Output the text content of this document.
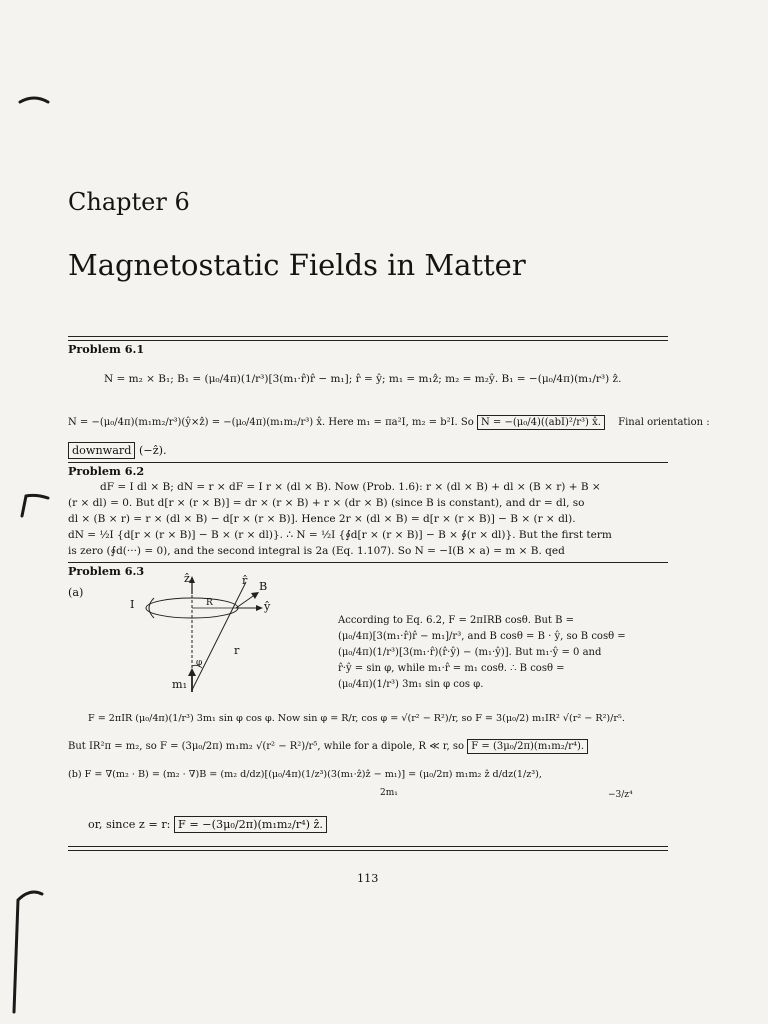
Chapter 6
Magnetostatic Fields in Matter
Problem 6.1
N = m₂ × B₁; B₁ = (μ₀/4π)(1/r³)[3(m₁·r̂)r̂ − m₁]; r̂ = ŷ; m₁ = m₁ẑ; m₂ = m₂ŷ. B₁ = −(μ₀/4π)(m₁/r³) ẑ.
N = −(μ₀/4π)(m₁m₂/r³)(ŷ×ẑ) = −(μ₀/4π)(m₁m₂/r³) x̂. Here m₁ = πa²I, m₂ = b²I. So N = −(μ₀/4)((abI)²/r³) x̂. Final orientation :
downward (−ẑ).
Problem 6.2
dF = I dl × B; dN = r × dF = I r × (dl × B). Now (Prob. 1.6): r × (dl × B) + dl × (B × r) + B ×
(r × dl) = 0. But d[r × (r × B)] = dr × (r × B) + r × (dr × B) (since B is constant), and dr = dl, so
dl × (B × r) = r × (dl × B) − d[r × (r × B)]. Hence 2r × (dl × B) = d[r × (r × B)] − B × (r × dl).
dN = ½I {d[r × (r × B)] − B × (r × dl)}. ∴ N = ½I {∮d[r × (r × B)] − B × ∮(r × dl)}. But the first term
is zero (∮d(···) = 0), and the second integral is 2a (Eq. 1.107). So N = −I(B × a) = m × B. qed
Problem 6.3
(a)
ẑ	r̂ B
ŷ
I	R
φ
r
m₁
According to Eq. 6.2, F = 2πIRB cosθ. But B =
(μ₀/4π)[3(m₁·r̂)r̂ − m₁]/r³, and B cosθ = B · ŷ, so B cosθ =
(μ₀/4π)(1/r³)[3(m₁·r̂)(r̂·ŷ) − (m₁·ŷ)]. But m₁·ŷ = 0 and
r̂·ŷ = sin φ, while m₁·r̂ = m₁ cosθ. ∴ B cosθ =
(μ₀/4π)(1/r³) 3m₁ sin φ cos φ.
F = 2πIR (μ₀/4π)(1/r³) 3m₁ sin φ cos φ. Now sin φ = R/r, cos φ = √(r² − R²)/r, so F = 3(μ₀/2) m₁IR² √(r² − R²)/r⁵.
But IR²π = m₂, so F = (3μ₀/2π) m₁m₂ √(r² − R²)/r⁵, while for a dipole, R ≪ r, so F = (3μ₀/2π)(m₁m₂/r⁴).
(b) F = ∇(m₂ · B) = (m₂ · ∇)B = (m₂ d/dz)[(μ₀/4π)(1/z³)(3(m₁·ẑ)ẑ − m₁)] = (μ₀/2π) m₁m₂ ẑ d/dz(1/z³),
2m₁	−3/z⁴
or, since z = r: F = −(3μ₀/2π)(m₁m₂/r⁴) ẑ.
113
